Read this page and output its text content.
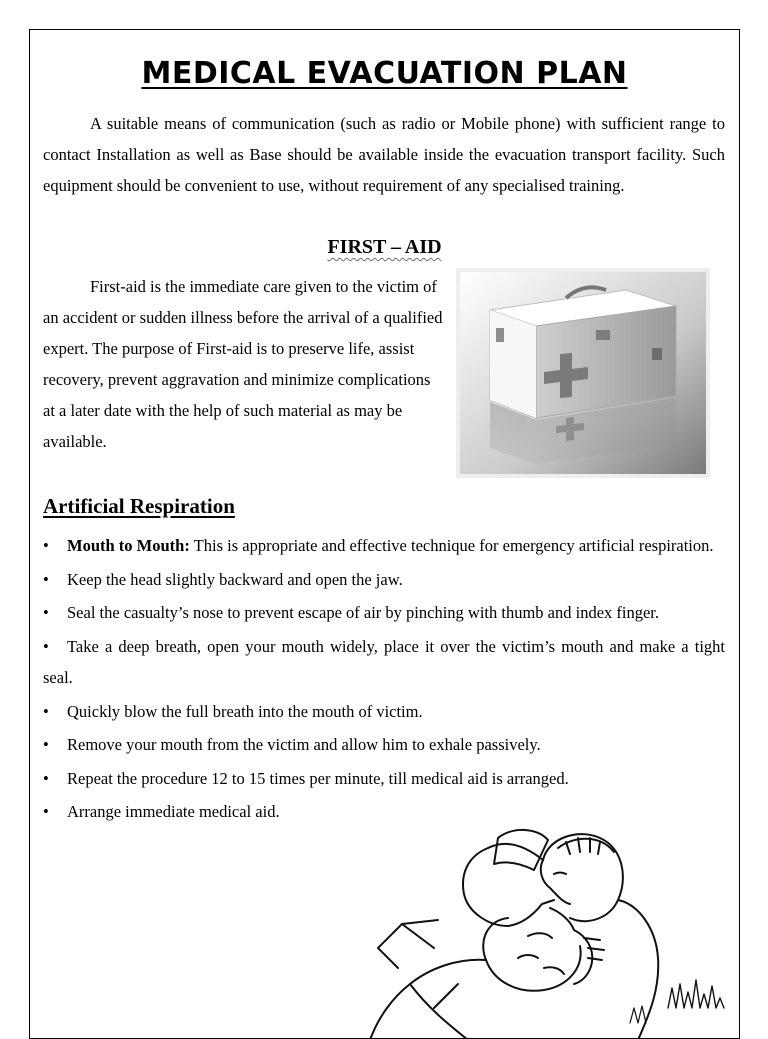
MEDICAL EVACUATION PLAN

A suitable means of communication (such as radio or Mobile phone) with sufficient range to contact Installation as well as Base should be available inside the evacuation transport facility. Such equipment should be convenient to use, without requirement of any specialised training.

FIRST – AID

First-aid is the immediate care given to the victim of an accident or sudden illness before the arrival of a qualified expert. The purpose of First-aid is to preserve life, assist recovery, prevent aggravation and minimize complications at a later date with the help of such material as may be available.

Artificial Respiration
• Mouth to Mouth: This is appropriate and effective technique for emergency artificial respiration.
• Keep the head slightly backward and open the jaw.
• Seal the casualty’s nose to prevent escape of air by pinching with thumb and index finger.
• Take a deep breath, open your mouth widely, place it over the victim’s mouth and make a tight seal.
• Quickly blow the full breath into the mouth of victim.
• Remove your mouth from the victim and allow him to exhale passively.
• Repeat the procedure 12 to 15 times per minute, till medical aid is arranged.
• Arrange immediate medical aid.
